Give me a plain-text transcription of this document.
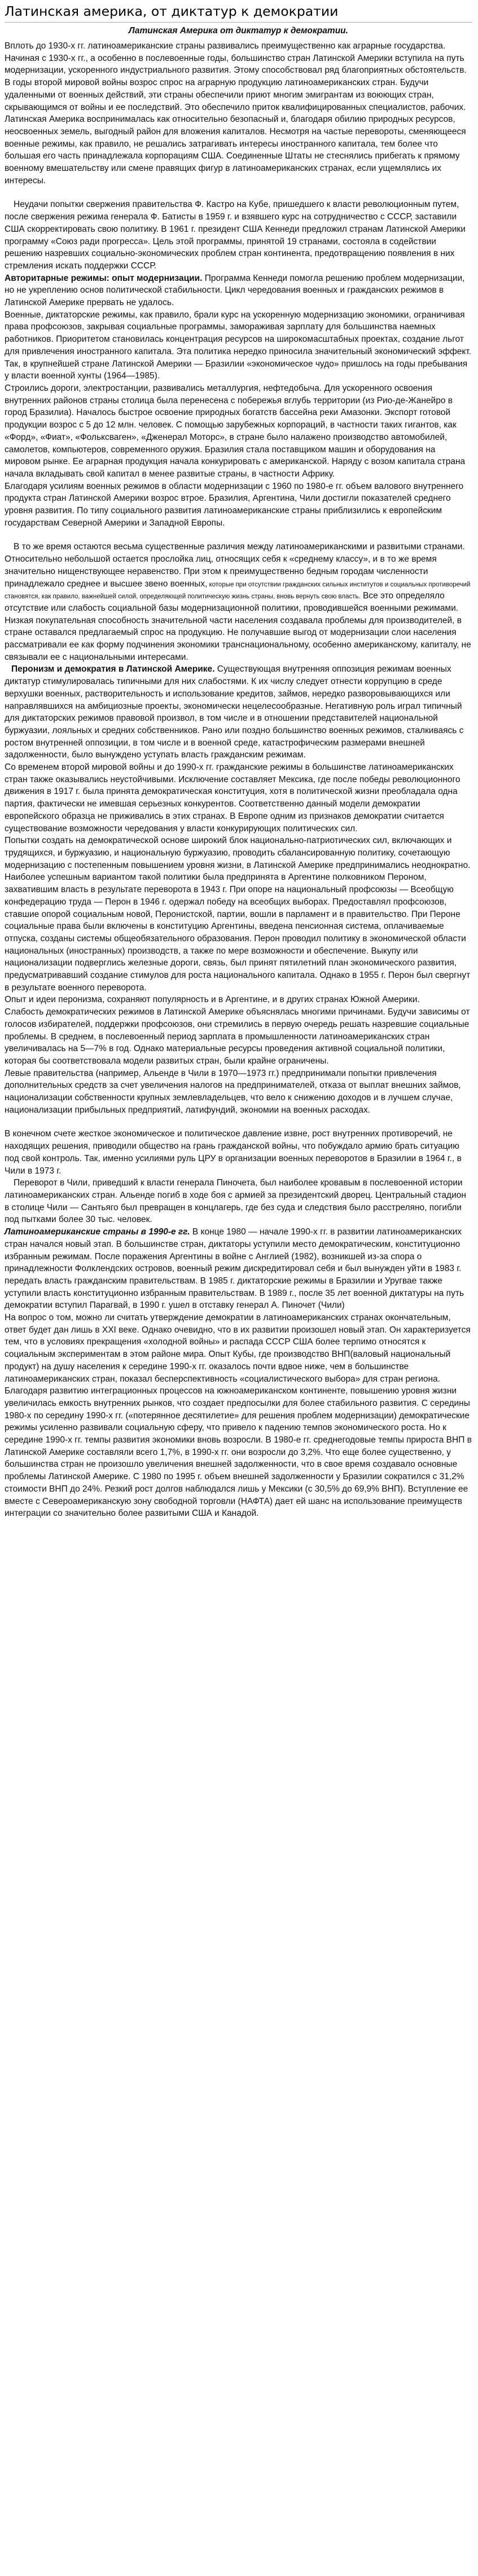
Латинская америка, от диктатур к демократии
Латинская Америка от диктатур к демократии.

Вплоть до 1930-х гг. латиноамериканские страны развивались преимущественно как аграрные государства.

Начиная с 1930-х гг., а особенно в послевоенные годы, большинство стран Латинской Америки вступила на путь модернизации, ускоренного индустриального развития. Этому способствовал ряд благоприятных обстоятельств.

В годы второй мировой войны возрос спрос на аграрную продукцию латиноамериканских стран. Будучи удаленными от военных действий, эти страны обеспечили приют многим эмигрантам из воюющих стран, скрывающимся от войны и ее последствий. Это обеспечило приток квалифицированных специалистов, рабочих. Латинская Америка воспринималась как относительно безопасный и, благодаря обилию природных ресурсов, неосвоенных земель, выгодный район для вложения капиталов. Несмотря на частые перевороты, сменяющееся военные режимы, как правило, не решались затрагивать интересы иностранного капитала, тем более что большая его часть принадлежала корпорациям США. Соединенные Штаты не стеснялись прибегать к прямому военному вмешательству или смене правящих фигур в латиноамериканских странах, если ущемлялись их интересы.

Неудачи попытки свержения правительства Ф. Кастро на Кубе, пришедшего к власти революционным путем, после свержения режима генерала Ф. Батисты в 1959 г. и взявшего курс на сотрудничество с СССР, заставили США скорректировать свою политику. В 1961 г. президент США Кеннеди предложил странам Латинской Америки программу «Союз ради прогресса». Цель этой программы, принятой 19 странами, состояла в содействии решению назревших социально-экономических проблем стран континента, предотвращению появления в них стремления искать поддержки СССР.

Авторитарные режимы: опыт модернизации. Программа Кеннеди помогла решению проблем модернизации, но не укреплению основ политической стабильности. Цикл чередования военных и гражданских режимов в Латинской Америке прервать не удалось.

Военные, диктаторские режимы, как правило, брали курс на ускоренную модернизацию экономики, ограничивая права профсоюзов, закрывая социальные программы, замораживая зарплату для большинства наемных работников. Приоритетом становилась концентрация ресурсов на широкомасштабных проектах, создание льгот для привлечения иностранного капитала. Эта политика нередко приносила значительный экономический эффект. Так, в крупнейшей стране Латинской Америки — Бразилии «экономическое чудо» пришлось на годы пребывания у власти военной хунты (1964—1985).

Строились дороги, электростанции, развивались металлургия, нефтедобыча. Для ускоренного освоения внутренних районов страны столица была перенесена с побережья вглубь территории (из Рио-де-Жанейро в город Бразилиа). Началось быстрое освоение природных богатств бассейна реки Амазонки. Экспорт готовой продукции возрос с 5 до 12 млн. человек. С помощью зарубежных корпораций, в частности таких гигантов, как «Форд», «Фиат», «Фольксваген», «Дженерал Моторс», в стране было налажено производство автомобилей, самолетов, компьютеров, современного оружия. Бразилия стала поставщиком машин и оборудования на мировом рынке. Ее аграрная продукция начала конкурировать с американской. Наряду с возом капитала страна начала вкладывать свой капитал в менее развитые страны, в частности Африку.

Благодаря усилиям военных режимов в области модернизации с 1960 по 1980-е гг. объем валового внутреннего продукта стран Латинской Америки возрос втрое. Бразилия, Аргентина, Чили достигли показателей среднего уровня развития. По типу социального развития латиноамериканские страны приблизились к европейским государствам Северной Америки и Западной Европы.

В то же время остаются весьма существенные различия между латиноамериканскими и развитыми странами. Относительно небольшой остается прослойка лиц, относящих себя к «среднему классу», и в то же время значительно нищенствующее неравенство. При этом к преимущественно бедным городам численности принадлежало среднее и высшее звено военных, которые при отсутствии гражданских сильных институтов и социальных противоречий становятся, как правило, важнейшей силой, определяющей политическую жизнь страны, вновь вернуть свою власть. Все это определяло отсутствие или слабость социальной базы модернизационной политики, проводившейся военными режимами. Низкая покупательная способность значительной части населения создавала проблемы для производителей, в стране оставался предлагаемый спрос на продукцию. Не получавшие выгод от модернизации слои населения рассматривали ее как форму подчинения экономики транснациональному, особенно американскому, капиталу, не связывали ее с национальными интересами.

Перонизм и демократия в Латинской Америке. Существующая внутренняя оппозиция режимам военных диктатур стимулировалась типичными для них слабостями. К их числу следует отнести коррупцию в среде верхушки военных, растворительность и использование кредитов, займов, нередко разворовывающихся или направлявшихся на амбициозные проекты, экономически нецелесообразные. Негативную роль играл типичный для диктаторских режимов правовой произвол, в том числе и в отношении представителей национальной буржуазии, лояльных и средних собственников. Рано или поздно большинство военных режимов, сталкиваясь с ростом внутренней оппозиции, в том числе и в военной среде, катастрофическим размерами внешней задолженности, было вынуждено уступать власть гражданским режимам.

Со временем второй мировой войны и до 1990-х гг. гражданские режимы в большинстве латиноамериканских стран также оказывались неустойчивыми. Исключение составляет Мексика, где после победы революционного движения в 1917 г. была принята демократическая конституция, хотя в политической жизни преобладала одна партия, фактически не имевшая серьезных конкурентов. Соответственно данный модели демократии европейского образца не приживались в этих странах. В Европе одним из признаков демократии считается существование возможности чередования у власти конкурирующих политических сил.

Попытки создать на демократической основе широкий блок национально-патриотических сил, включающих и трудящихся, и буржуазию, и национальную буржуазию, проводить сбалансированную политику, сочетающую модернизацию с постепенным повышением уровня жизни, в Латинской Америке предпринимались неоднократно. Наиболее успешным вариантом такой политики была предпринята в Аргентине полковником Пероном, захватившим власть в результате переворота в 1943 г. При опоре на национальный профсоюзы — Всеобщую конфедерацию труда — Перон в 1946 г. одержал победу на всеобщих выборах. Предоставлял профсоюзов, ставшие опорой социальным новой, Перонистской, партии, вошли в парламент и в правительство. При Пероне социальные права были включены в конституцию Аргентины, введена пенсионная система, оплачиваемые отпуска, созданы системы общеобязательного образования. Перон проводил политику в экономической области национальных (иностранных) производств, а также по мере возможности и обеспечение. Выкупу или национализации подверглись железные дороги, связь, был принят пятилетний план экономического развития, предусматривавший создание стимулов для роста национального капитала. Однако в 1955 г. Перон был свергнут в результате военного переворота.

Опыт и идеи перонизма, сохраняют популярность и в Аргентине, и в других странах Южной Америки.

Слабость демократических режимов в Латинской Америке объяснялась многими причинами. Будучи зависимы от голосов избирателей, поддержки профсоюзов, они стремились в первую очередь решать назревшие социальные проблемы. В среднем, в послевоенный период зарплата в промышленности латиноамериканских стран увеличивалась на 5—7% в год. Однако материальные ресурсы проведения активной социальной политики, которая бы соответствовала модели развитых стран, были крайне ограничены.

Левые правительства (например, Альенде в Чили в 1970—1973 гг.) предпринимали попытки привлечения дополнительных средств за счет увеличения налогов на предпринимателей, отказа от выплат внешних займов, национализации собственности крупных землевладельцев, что вело к снижению доходов и в лучшем случае, национализации прибыльных предприятий, латифундий, экономии на военных расходах.

В конечном счете жесткое экономическое и политическое давление извне, рост внутренних противоречий, не находящих решения, приводили общество на грань гражданской войны, что побуждало армию брать ситуацию под свой контроль. Так, именно усилиями руль ЦРУ в организации военных переворотов в Бразилии в 1964 г., в Чили в 1973 г.

Переворот в Чили, приведший к власти генерала Пиночета, был наиболее кровавым в послевоенной истории латиноамериканских стран. Альенде погиб в ходе боя с армией за президентский дворец. Центральный стадион в столице Чили — Сантьяго был превращен в концлагерь, где без суда и следствия было расстреляно, погибли под пытками более 30 тыс. человек.

Латиноамериканские страны в 1990-е гг. В конце 1980 — начале 1990-х гг. в развитии латиноамериканских стран начался новый этап. В большинстве стран, диктаторы уступили место демократическим, конституционно избранным режимам. После поражения Аргентины в войне с Англией (1982), возникшей из-за спора о принадлежности Фолклендских островов, военный режим дискредитировал себя и был вынужден уйти в 1983 г. передать власть гражданским правительствам. В 1985 г. диктаторские режимы в Бразилии и Уругвае также уступили власть конституционно избранным правительствам. В 1989 г., после 35 лет военной диктатуры на путь демократии вступил Парагвай, в 1990 г. ушел в отставку генерал А. Пиночет (Чили)

На вопрос о том, можно ли считать утверждение демократии в латиноамериканских странах окончательным, ответ будет дан лишь в XXI веке. Однако очевидно, что в их развитии произошел новый этап. Он характеризуется тем, что в условиях прекращения «холодной войны» и распада СССР США более терпимо относятся к социальным экспериментам в этом районе мира. Опыт Кубы, где производство ВНП(валовый национальный продукт) на душу населения к середине 1990-х гг. оказалось почти вдвое ниже, чем в большинстве латиноамериканских стран, показал бесперспективность «социалистического выбора» для стран региона.

Благодаря развитию интеграционных процессов на южноамериканском континенте, повышению уровня жизни увеличилась емкость внутренних рынков, что создает предпосылки для более стабильного развития. С середины 1980-х по середину 1990-х гг. («потерянное десятилетие» для решения проблем модернизации) демократические режимы усиленно развивали социальную сферу, что привело к падению темпов экономического роста. Но к середине 1990-х гг. темпы развития экономики вновь возросли. В 1980-е гг. среднегодовые темпы прироста ВНП в Латинской Америке составляли всего 1,7%, в 1990-х гг. они возросли до 3,2%. Что еще более существенно, у большинства стран не произошло увеличения внешней задолженности, что в свое время создавало основные проблемы Латинской Америке. С 1980 по 1995 г. объем внешней задолженности у Бразилии сократился с 31,2% стоимости ВНП до 24%. Резкий рост долгов наблюдался лишь у Мексики (с 30,5% до 69,9% ВНП). Вступление ее вместе с Североамериканскую зону свободной торговли (НАФТА) дает ей шанс на использование преимуществ интеграции со значительно более развитыми США и Канадой.
